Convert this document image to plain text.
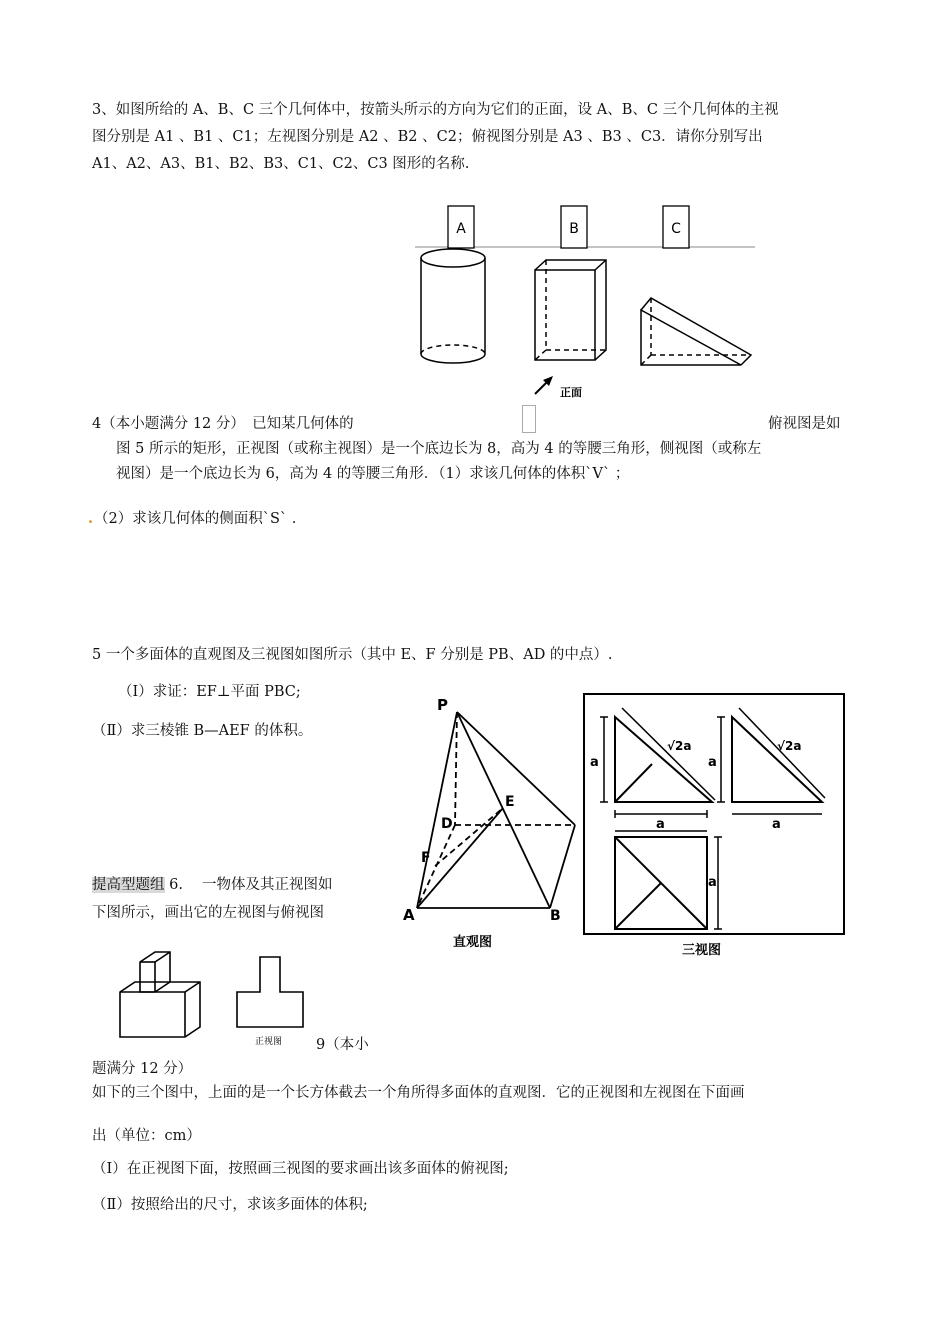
3、如图所给的 A、B、C 三个几何体中，按箭头所示的方向为它们的正面，设 A、B、C 三个几何体的主视
图分别是 A1 、B1 、C1；左视图分别是 A2 、B2 、C2；俯视图分别是 A3 、B3 、C3．请你分别写出
A1、A2、A3、B1、B2、B3、C1、C2、C3 图形的名称.
A	B	C
正面
4（本小题满分 12 分）　已知某几何体的	俯视图是如
图 5 所示的矩形，正视图（或称主视图）是一个底边长为 8，高为 4 的等腰三角形，侧视图（或称左
视图）是一个底边长为 6，高为 4 的等腰三角形．（1）求该几何体的体积`V` ；
. （2）求该几何体的侧面积`S` .
5 一个多面体的直观图及三视图如图所示（其中 E、F 分别是 PB、AD 的中点）.
（Ⅰ）求证：EF⊥平面 PBC;
（Ⅱ）求三棱锥 B—AEF 的体积。
P
E
D
F
A	B
直观图
a
√2a
a
√2a
a
a
a
三视图
提高型题组 6.　 一物体及其正视图如
下图所示，画出它的左视图与俯视图
正视图 9（本小
题满分 12 分）
如下的三个图中，上面的是一个长方体截去一个角所得多面体的直观图．它的正视图和左视图在下面画
出（单位：cm）
（Ⅰ）在正视图下面，按照画三视图的要求画出该多面体的俯视图;
（Ⅱ）按照给出的尺寸，求该多面体的体积;
